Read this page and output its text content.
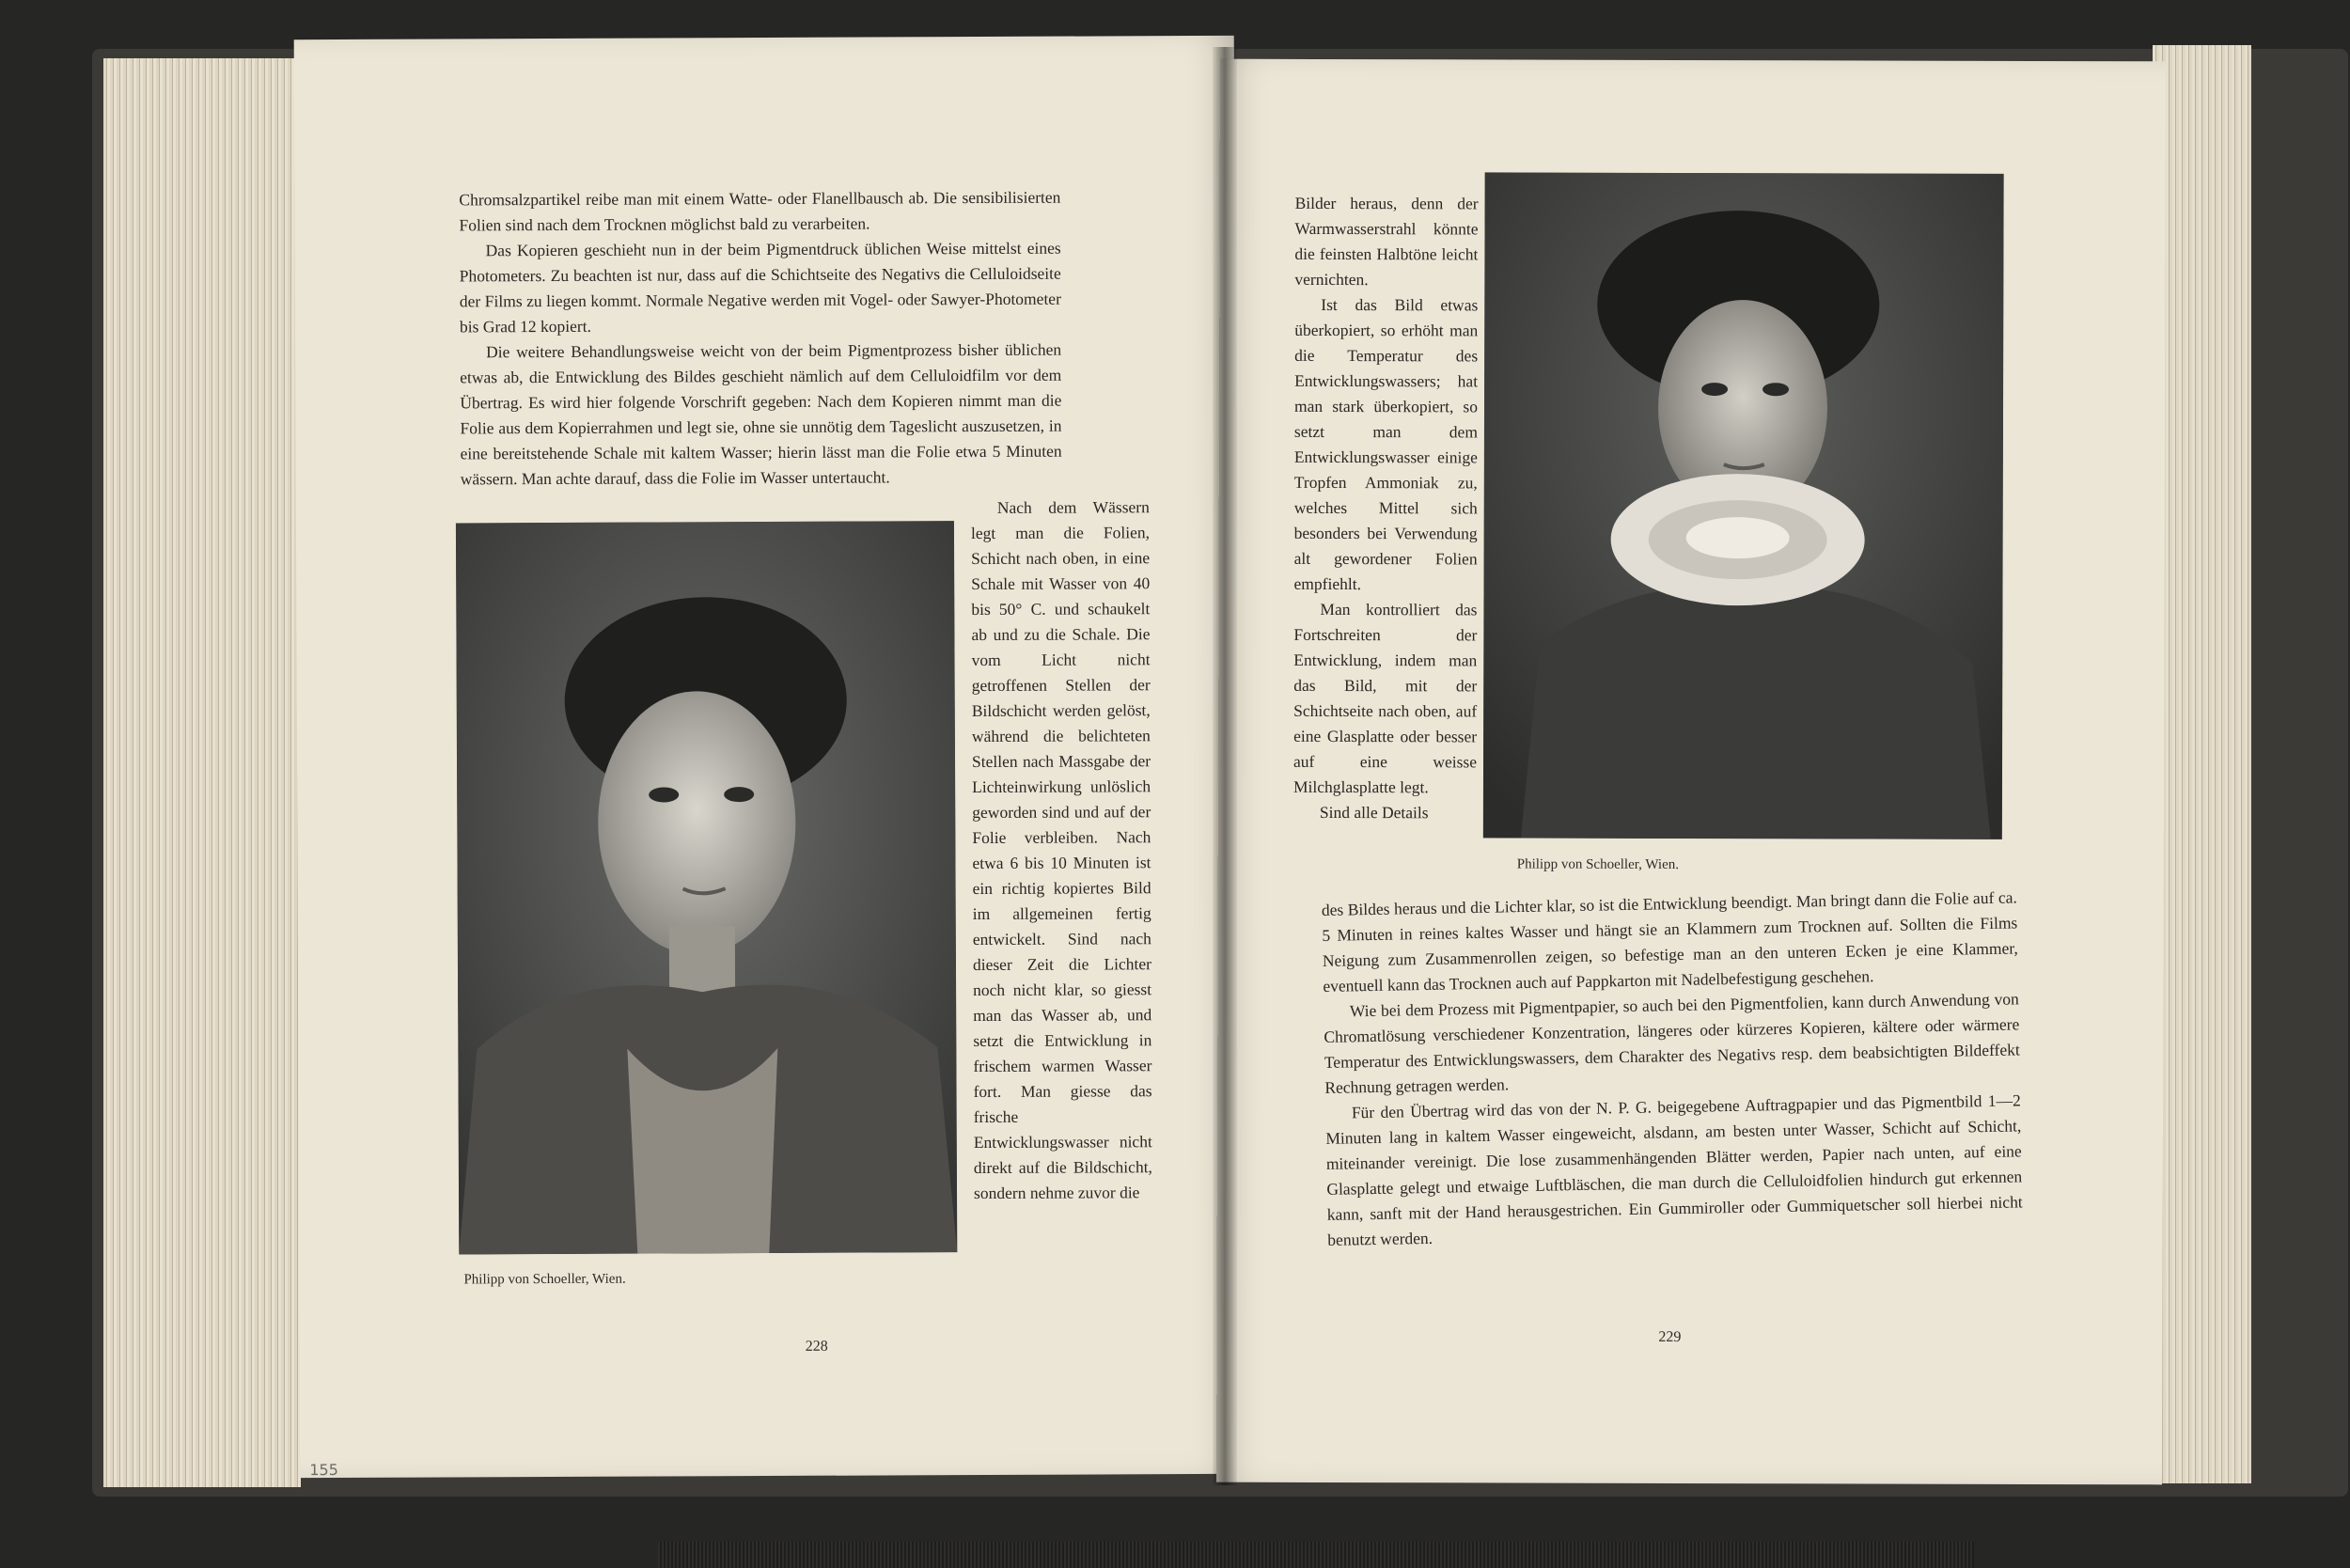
Chromsalzpartikel reibe man mit einem Watte- oder Flanellbausch ab. Die sensibilisierten Folien sind nach dem Trocknen möglichst bald zu verarbeiten.

Das Kopieren geschieht nun in der beim Pigmentdruck üblichen Weise mittelst eines Photometers. Zu beachten ist nur, dass auf die Schichtseite des Negativs die Celluloidseite der Films zu liegen kommt. Normale Negative werden mit Vogel- oder Sawyer-Photometer bis Grad 12 kopiert.

Die weitere Behandlungsweise weicht von der beim Pigmentprozess bisher üblichen etwas ab, die Entwicklung des Bildes geschieht nämlich auf dem Celluloidfilm vor dem Übertrag. Es wird hier folgende Vorschrift gegeben: Nach dem Kopieren nimmt man die Folie aus dem Kopierrahmen und legt sie, ohne sie unnötig dem Tageslicht auszusetzen, in eine bereitstehende Schale mit kaltem Wasser; hierin lässt man die Folie etwa 5 Minuten wässern. Man achte darauf, dass die Folie im Wasser untertaucht.

Philipp von Schoeller, Wien.

Nach dem Wässern legt man die Folien, Schicht nach oben, in eine Schale mit Wasser von 40 bis 50° C. und schaukelt ab und zu die Schale. Die vom Licht nicht getroffenen Stellen der Bildschicht werden gelöst, während die belichteten Stellen nach Massgabe der Lichteinwirkung unlöslich geworden sind und auf der Folie verbleiben. Nach etwa 6 bis 10 Minuten ist ein richtig kopiertes Bild im allgemeinen fertig entwickelt. Sind nach dieser Zeit die Lichter noch nicht klar, so giesst man das Wasser ab, und setzt die Entwicklung in frischem warmen Wasser fort. Man giesse das frische Entwicklungswasser nicht direkt auf die Bildschicht, sondern nehme zuvor die

228
155

Bilder heraus, denn der Warmwasserstrahl könnte die feinsten Halbtöne leicht vernichten.

Ist das Bild etwas überkopiert, so erhöht man die Temperatur des Entwicklungswassers; hat man stark überkopiert, so setzt man dem Entwicklungswasser einige Tropfen Ammoniak zu, welches Mittel sich besonders bei Verwendung alt gewordener Folien empfiehlt.

Man kontrolliert das Fortschreiten der Entwicklung, indem man das Bild, mit der Schichtseite nach oben, auf eine Glasplatte oder besser auf eine weisse Milchglasplatte legt.

Sind alle Details

Philipp von Schoeller, Wien.

des Bildes heraus und die Lichter klar, so ist die Entwicklung beendigt. Man bringt dann die Folie auf ca. 5 Minuten in reines kaltes Wasser und hängt sie an Klammern zum Trocknen auf. Sollten die Films Neigung zum Zusammenrollen zeigen, so befestige man an den unteren Ecken je eine Klammer, eventuell kann das Trocknen auch auf Pappkarton mit Nadelbefestigung geschehen.

Wie bei dem Prozess mit Pigmentpapier, so auch bei den Pigmentfolien, kann durch Anwendung von Chromatlösung verschiedener Konzentration, längeres oder kürzeres Kopieren, kältere oder wärmere Temperatur des Entwicklungswassers, dem Charakter des Negativs resp. dem beabsichtigten Bildeffekt Rechnung getragen werden.

Für den Übertrag wird das von der N. P. G. beigegebene Auftragpapier und das Pigmentbild 1—2 Minuten lang in kaltem Wasser eingeweicht, alsdann, am besten unter Wasser, Schicht auf Schicht, miteinander vereinigt. Die lose zusammenhängenden Blätter werden, Papier nach unten, auf eine Glasplatte gelegt und etwaige Luftbläschen, die man durch die Celluloidfolien hindurch gut erkennen kann, sanft mit der Hand herausgestrichen. Ein Gummiroller oder Gummiquetscher soll hierbei nicht benutzt werden.

229
